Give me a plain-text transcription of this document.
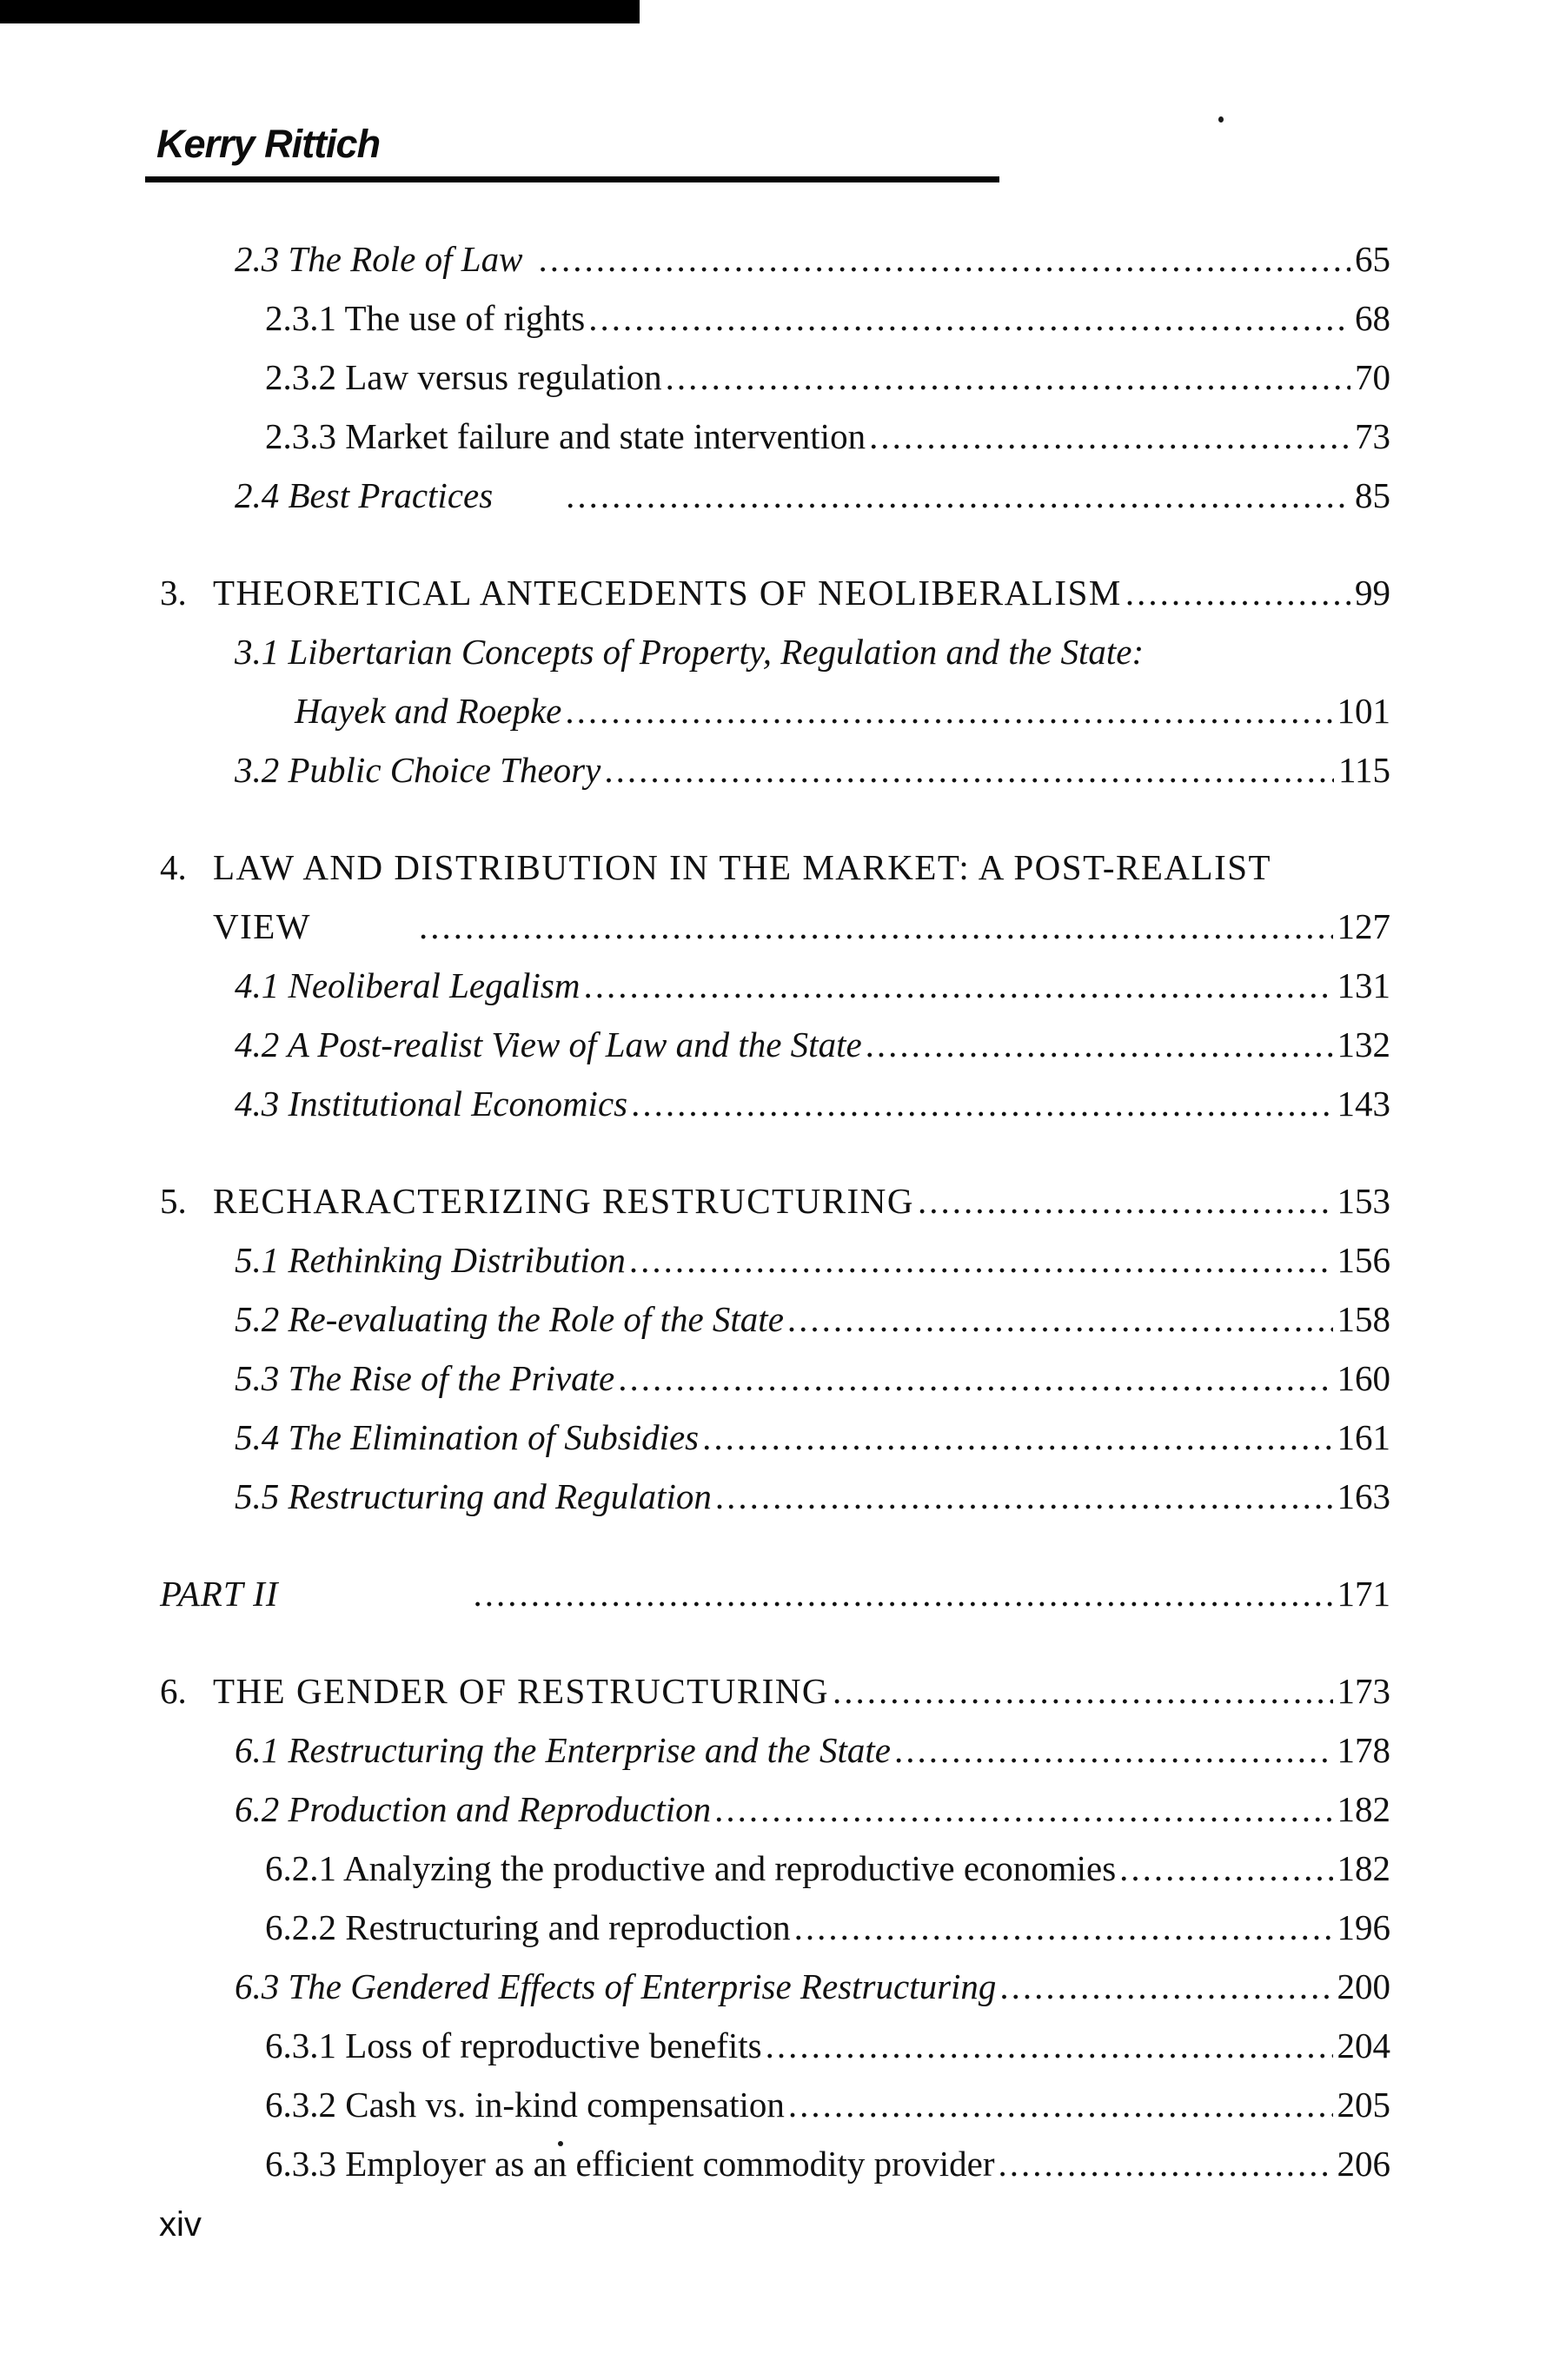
Kerry Rittich
2.3 The Role of Law .....	65
2.3.1 The use of rights .....	68
2.3.2 Law versus regulation .....	70
2.3.3 Market failure and state intervention .....	73
2.4 Best Practices .....	85
3. THEORETICAL ANTECEDENTS OF NEOLIBERALISM .....	99
3.1 Libertarian Concepts of Property, Regulation and the State:
Hayek and Roepke .....	101
3.2 Public Choice Theory .....	115
4. LAW AND DISTRIBUTION IN THE MARKET: A POST-REALIST
VIEW .....	127
4.1 Neoliberal Legalism .....	131
4.2 A Post-realist View of Law and the State .....	132
4.3 Institutional Economics .....	143
5. RECHARACTERIZING RESTRUCTURING .....	153
5.1 Rethinking Distribution .....	156
5.2 Re-evaluating the Role of the State .....	158
5.3 The Rise of the Private .....	160
5.4 The Elimination of Subsidies .....	161
5.5 Restructuring and Regulation .....	163
PART II .....	171
6. THE GENDER OF RESTRUCTURING .....	173
6.1 Restructuring the Enterprise and the State .....	178
6.2 Production and Reproduction .....	182
6.2.1 Analyzing the productive and reproductive economies .....	182
6.2.2 Restructuring and reproduction .....	196
6.3 The Gendered Effects of Enterprise Restructuring .....	200
6.3.1 Loss of reproductive benefits .....	204
6.3.2 Cash vs. in-kind compensation .....	205
6.3.3 Employer as an efficient commodity provider .....	206
xiv
